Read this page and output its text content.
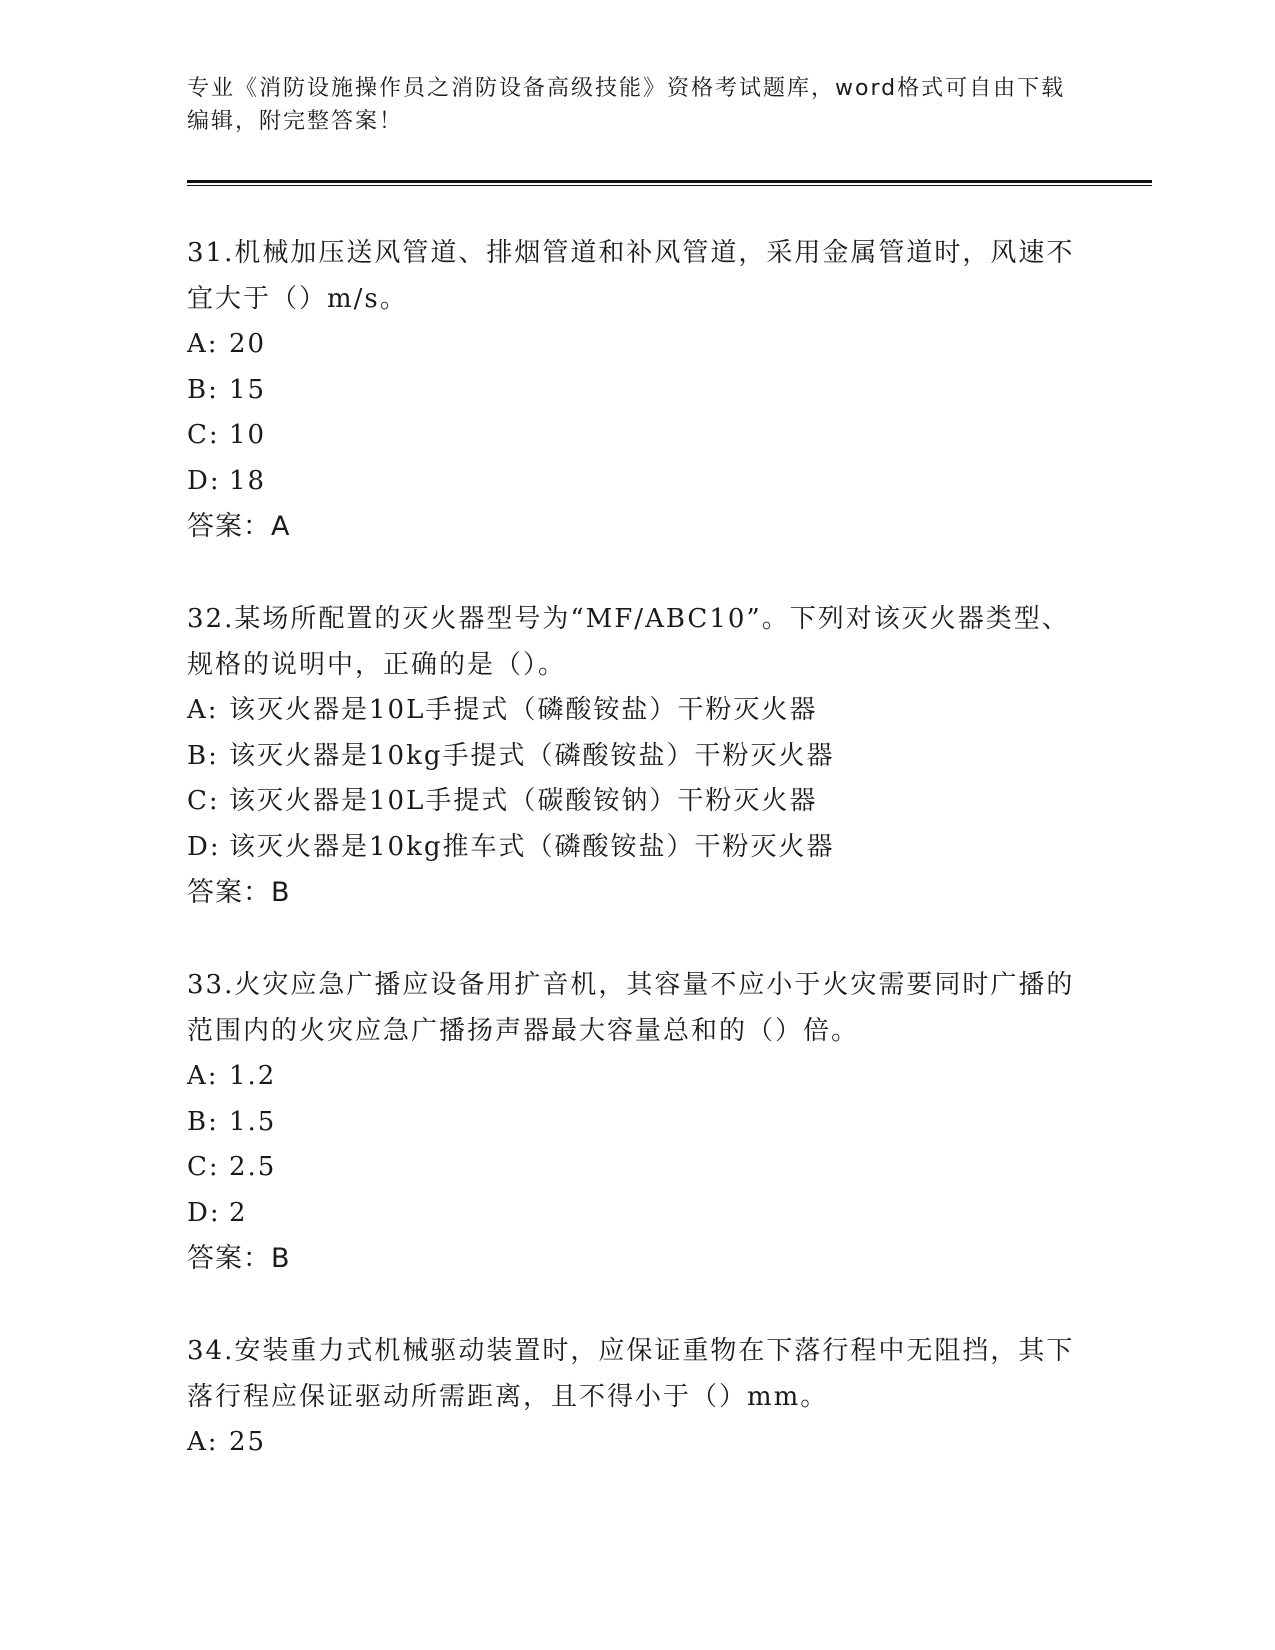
专业《消防设施操作员之消防设备高级技能》资格考试题库，word格式可自由下载编辑，附完整答案！
31.机械加压送风管道、排烟管道和补风管道，采用金属管道时，风速不宜大于（）m/s。
A: 20
B: 15
C: 10
D: 18
答案：A
32.某场所配置的灭火器型号为“MF/ABC10”。下列对该灭火器类型、规格的说明中，正确的是（）。
A: 该灭火器是10L手提式（磷酸铵盐）干粉灭火器
B: 该灭火器是10kg手提式（磷酸铵盐）干粉灭火器
C: 该灭火器是10L手提式（碳酸铵钠）干粉灭火器
D: 该灭火器是10kg推车式（磷酸铵盐）干粉灭火器
答案：B
33.火灾应急广播应设备用扩音机，其容量不应小于火灾需要同时广播的范围内的火灾应急广播扬声器最大容量总和的（）倍。
A: 1.2
B: 1.5
C: 2.5
D: 2
答案：B
34.安装重力式机械驱动装置时，应保证重物在下落行程中无阻挡，其下落行程应保证驱动所需距离，且不得小于（）mm。
A: 25
